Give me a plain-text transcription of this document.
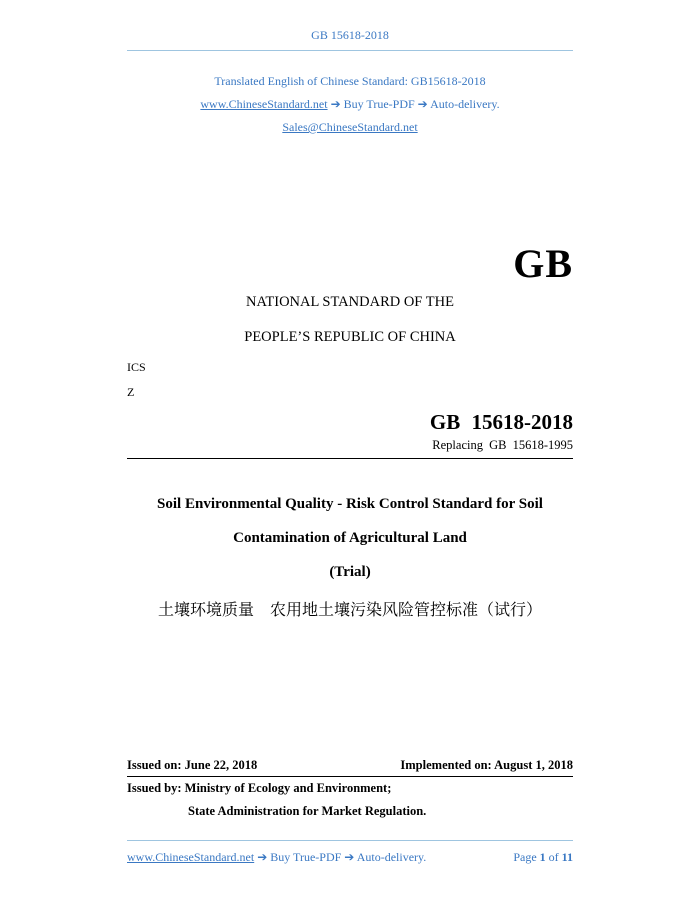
GB 15618-2018
Translated English of Chinese Standard: GB15618-2018
www.ChineseStandard.net ➔ Buy True-PDF ➔ Auto-delivery.
Sales@ChineseStandard.net
GB
NATIONAL STANDARD OF THE
PEOPLE’S REPUBLIC OF CHINA
ICS
Z
GB 15618-2018
Replacing GB 15618-1995
Soil Environmental Quality - Risk Control Standard for Soil
Contamination of Agricultural Land
(Trial)
土壤环境质量　农用地土壤污染风险管控标准（试行）
Issued on: June 22, 2018	Implemented on: August 1, 2018
Issued by: Ministry of Ecology and Environment;
State Administration for Market Regulation.
www.ChineseStandard.net ➔ Buy True-PDF ➔ Auto-delivery.	Page 1 of 11
